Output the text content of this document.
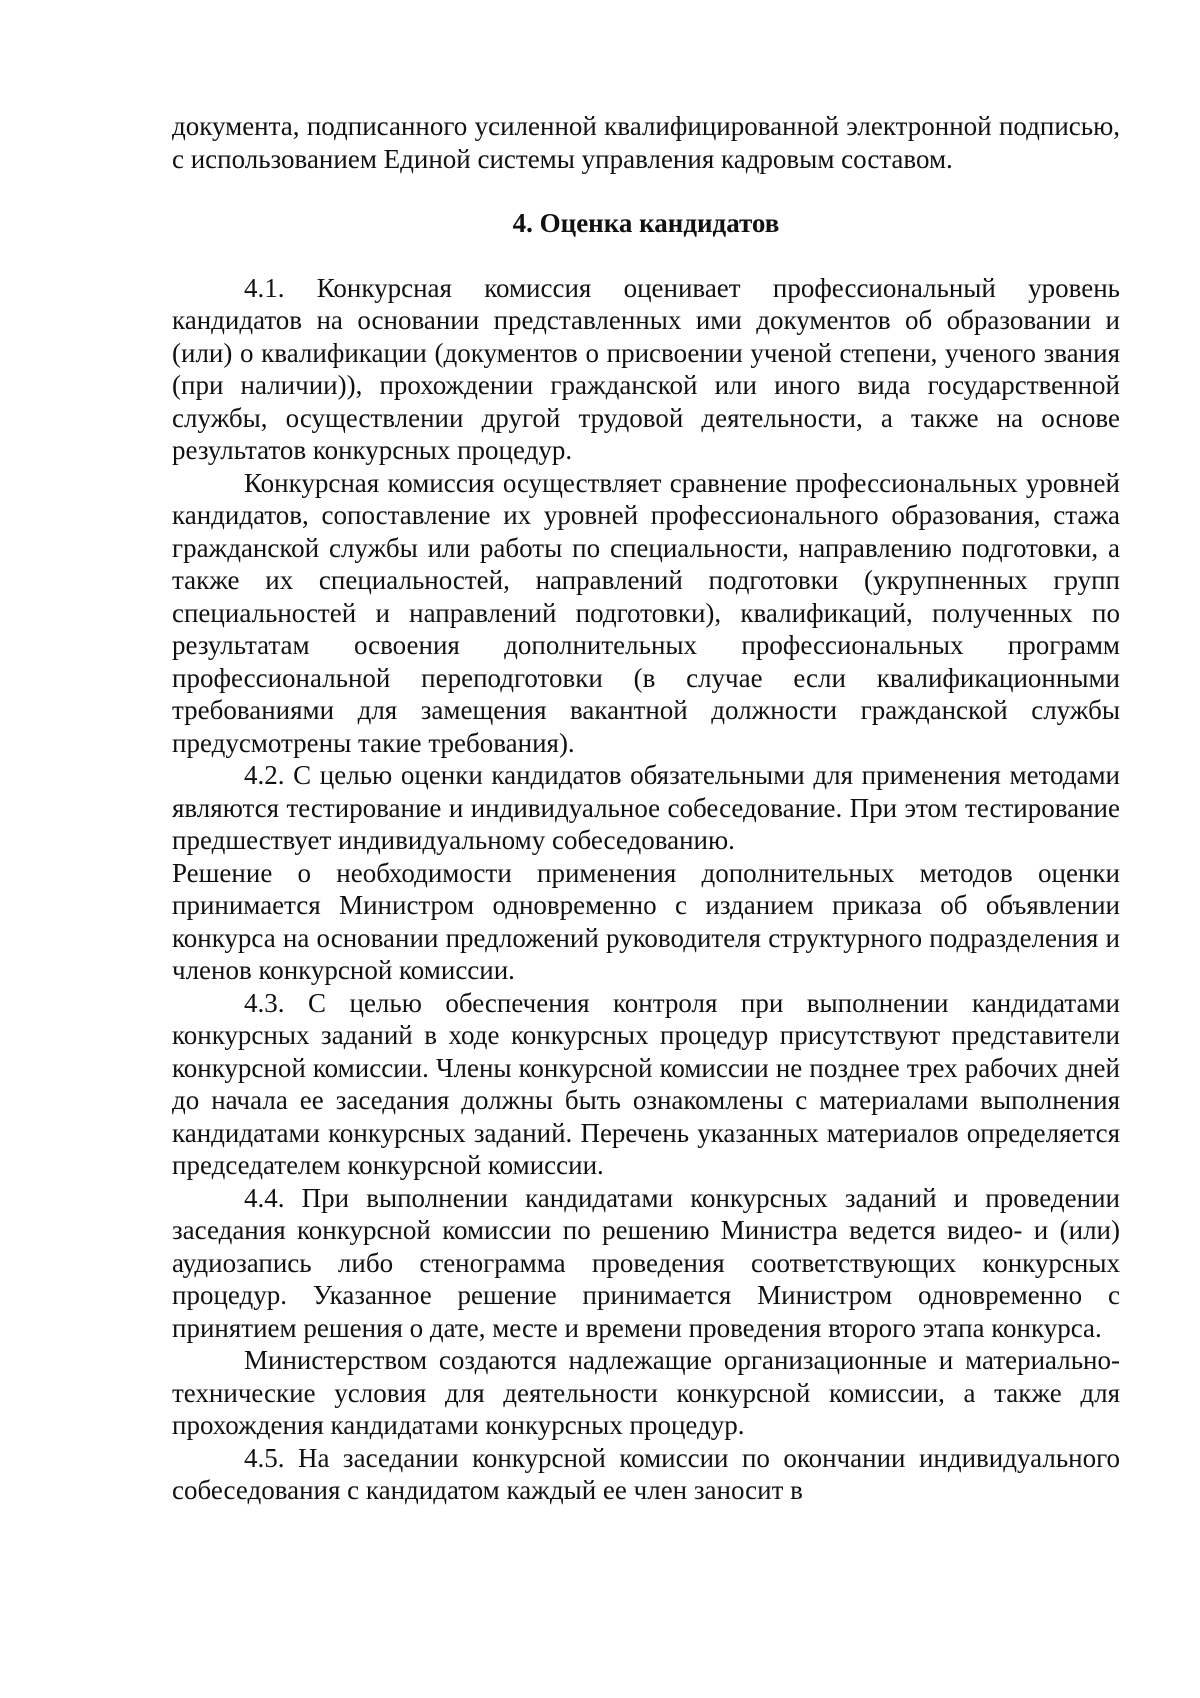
документа, подписанного усиленной квалифицированной электронной подписью, с использованием Единой системы управления кадровым составом.

4. Оценка кандидатов

4.1. Конкурсная комиссия оценивает профессиональный уровень кандидатов на основании представленных ими документов об образовании и (или) о квалификации (документов о присвоении ученой степени, ученого звания (при наличии)), прохождении гражданской или иного вида государственной службы, осуществлении другой трудовой деятельности, а также на основе результатов конкурсных процедур.

Конкурсная комиссия осуществляет сравнение профессиональных уровней кандидатов, сопоставление их уровней профессионального образования, стажа гражданской службы или работы по специальности, направлению подготовки, а также их специальностей, направлений подготовки (укрупненных групп специальностей и направлений подготовки), квалификаций, полученных по результатам освоения дополнительных профессиональных программ профессиональной переподготовки (в случае если квалификационными требованиями для замещения вакантной должности гражданской службы предусмотрены такие требования).

4.2. С целью оценки кандидатов обязательными для применения методами являются тестирование и индивидуальное собеседование. При этом тестирование предшествует индивидуальному собеседованию.

Решение о необходимости применения дополнительных методов оценки принимается Министром одновременно с изданием приказа об объявлении конкурса на основании предложений руководителя структурного подразделения и членов конкурсной комиссии.

4.3. С целью обеспечения контроля при выполнении кандидатами конкурсных заданий в ходе конкурсных процедур присутствуют представители конкурсной комиссии. Члены конкурсной комиссии не позднее трех рабочих дней до начала ее заседания должны быть ознакомлены с материалами выполнения кандидатами конкурсных заданий. Перечень указанных материалов определяется председателем конкурсной комиссии.

4.4. При выполнении кандидатами конкурсных заданий и проведении заседания конкурсной комиссии по решению Министра ведется видео- и (или) аудиозапись либо стенограмма проведения соответствующих конкурсных процедур. Указанное решение принимается Министром одновременно с принятием решения о дате, месте и времени проведения второго этапа конкурса.

Министерством создаются надлежащие организационные и материально-технические условия для деятельности конкурсной комиссии, а также для прохождения кандидатами конкурсных процедур.

4.5. На заседании конкурсной комиссии по окончании индивидуального собеседования с кандидатом каждый ее член заносит в
